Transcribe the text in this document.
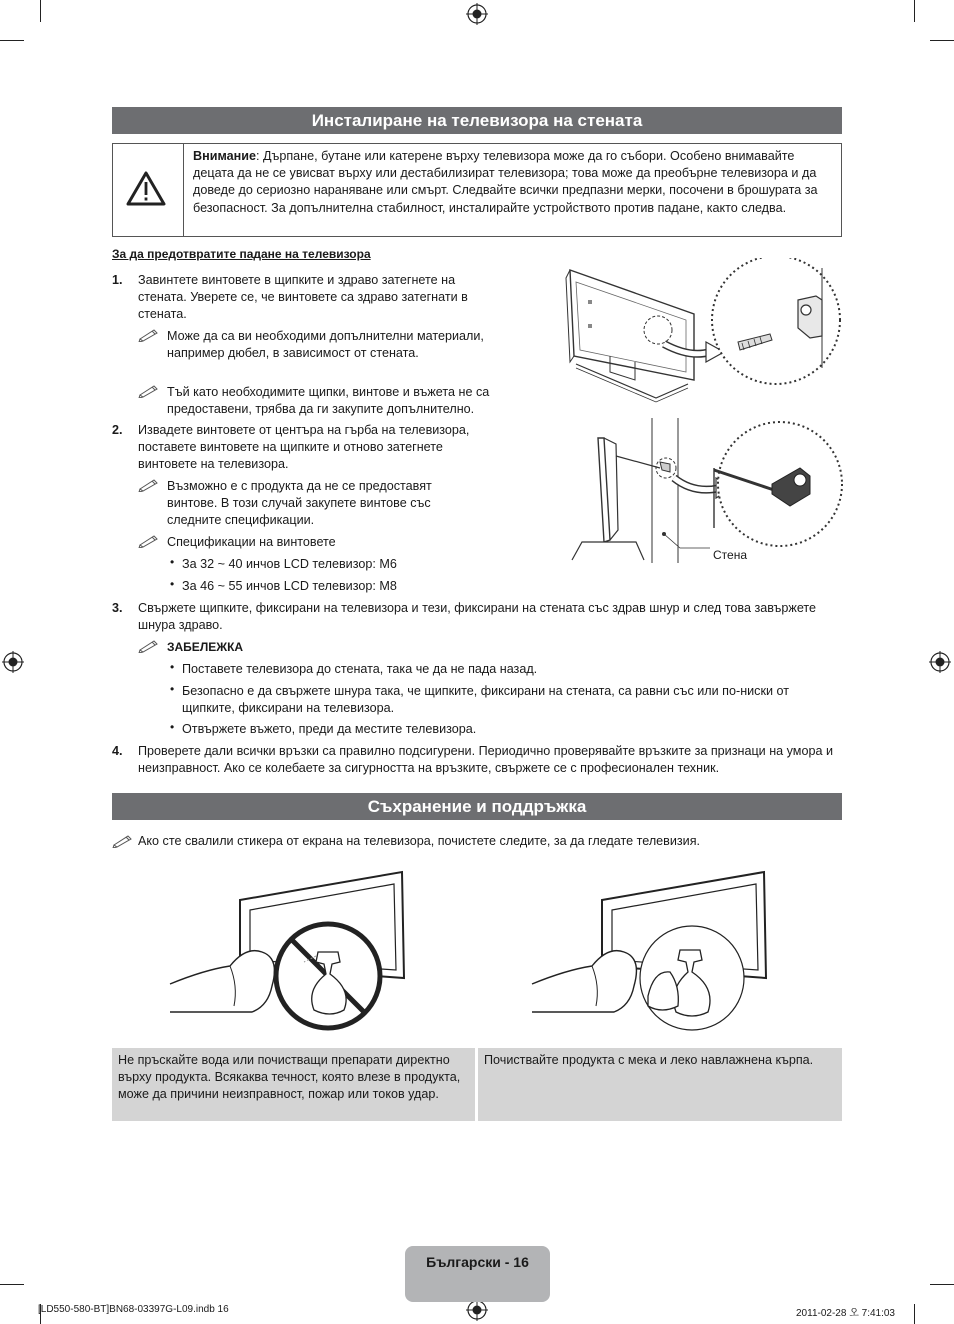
Инсталиране на телевизора на стената
Внимание: Дърпане, бутане или катерене върху телевизора може да го събори. Особено внимавайте децата да не се увисват върху или дестабилизират телевизора; това може да преобърне телевизора и да доведе до сериозно нараняване или смърт. Следвайте всички предпазни мерки, посочени в брошурата за безопасност. За допълнителна стабилност, инсталирайте устройството против падане, както следва.
За да предотвратите падане на телевизора
1. Завинтете винтовете в щипките и здраво затегнете на стената. Уверете се, че винтовете са здраво затегнати в стената.
Може да са ви необходими допълнителни материали, например дюбел, в зависимост от стената.
Тъй като необходимите щипки, винтове и въжета не са предоставени, трябва да ги закупите допълнително.
2. Извадете винтовете от центъра на гърба на телевизора, поставете винтовете на щипките и отново затегнете винтовете на телевизора.
Възможно е с продукта да не се предоставят винтове. В този случай закупете винтове със следните спецификации.
Спецификации на винтовете
• За 32 ~ 40 инчов LCD телевизор: M6
• За 46 ~ 55 инчов LCD телевизор: M8
3. Свържете щипките, фиксирани на телевизора и тези, фиксирани на стената със здрав шнур и след това завържете шнура здраво.
ЗАБЕЛЕЖКА
• Поставете телевизора до стената, така че да не пада назад.
• Безопасно е да свържете шнура така, че щипките, фиксирани на стената, са равни със или по-ниски от щипките, фиксирани на телевизора.
• Отвържете въжето, преди да местите телевизора.
4. Проверете дали всички връзки са правилно подсигурени. Периодично проверявайте връзките за признаци на умора и неизправност. Ако се колебаете за сигурността на връзките, свържете се с професионален техник.
Стена
Съхранение и поддръжка
Ако сте свалили стикера от екрана на телевизора, почистете следите, за да гледате телевизия.
Не пръскайте вода или почистващи препарати директно върху продукта. Всякаква течност, която влезе в продукта, може да причини неизправност, пожар или токов удар.
Почиствайте продукта с мека и леко навлажнена кърпа.
Български - 16
[LD550-580-BT]BN68-03397G-L09.indb 16	2011-02-28 오 7:41:03
